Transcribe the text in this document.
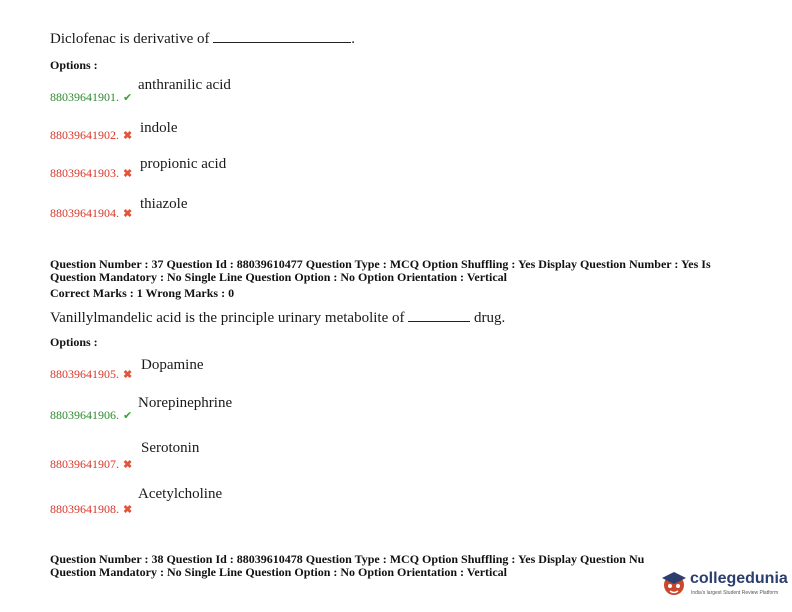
Diclofenac is derivative of	.
Options :
88039641901. ✔
anthranilic acid
88039641902. ✖ indole
88039641903. ✖
propionic acid
88039641904. ✖
thiazole
Question Number : 37 Question Id : 88039610477 Question Type : MCQ Option Shuffling : Yes Display Question Number : Yes Is
Question Mandatory : No Single Line Question Option : No Option Orientation : Vertical
Correct Marks : 1 Wrong Marks : 0
Vanillylmandelic acid is the principle urinary metabolite of	drug.
Options :
88039641905. ✖
Dopamine
88039641906. ✔
Norepinephrine
88039641907. ✖
Serotonin
88039641908. ✖
Acetylcholine
Question Number : 38 Question Id : 88039610478 Question Type : MCQ Option Shuffling : Yes Display Question Nu
Question Mandatory : No Single Line Question Option : No Option Orientation : Vertical	collegedunia
India's largest Student Review Platform
